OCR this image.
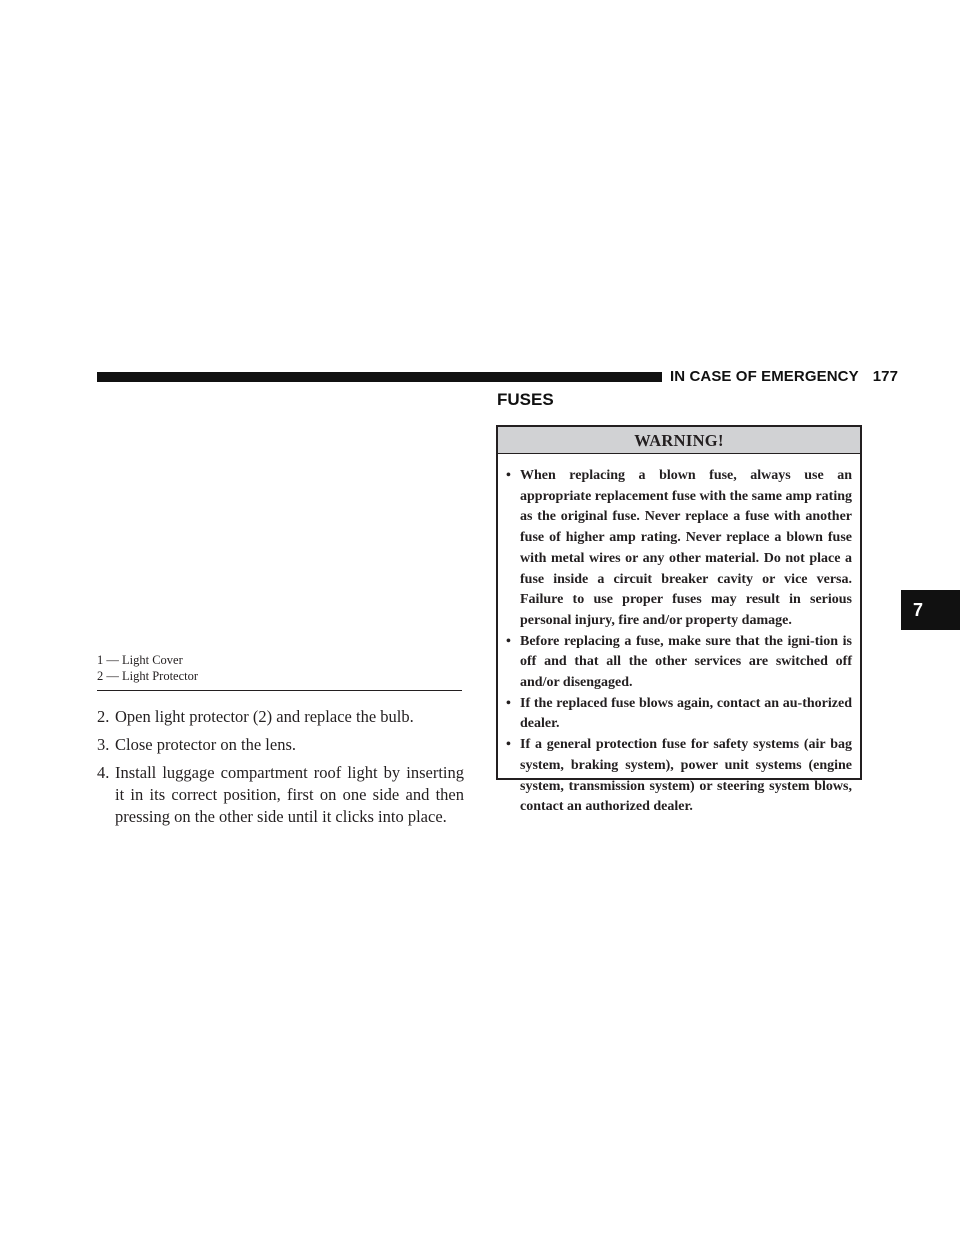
IN CASE OF EMERGENCY 177
7
1 — Light Cover
2 — Light Protector
2. Open light protector (2) and replace the bulb.
3. Close protector on the lens.
4. Install luggage compartment roof light by inserting it in its correct position, first on one side and then pressing on the other side until it clicks into place.
FUSES
WARNING!
• When replacing a blown fuse, always use an appropriate replacement fuse with the same amp rating as the original fuse. Never replace a fuse with another fuse of higher amp rating. Never replace a blown fuse with metal wires or any other material. Do not place a fuse inside a circuit breaker cavity or vice versa. Failure to use proper fuses may result in serious personal injury, fire and/or property damage.
• Before replacing a fuse, make sure that the igni-tion is off and that all the other services are switched off and/or disengaged.
• If the replaced fuse blows again, contact an au-thorized dealer.
• If a general protection fuse for safety systems (air bag system, braking system), power unit systems (engine system, transmission system) or steering system blows, contact an authorized dealer.
